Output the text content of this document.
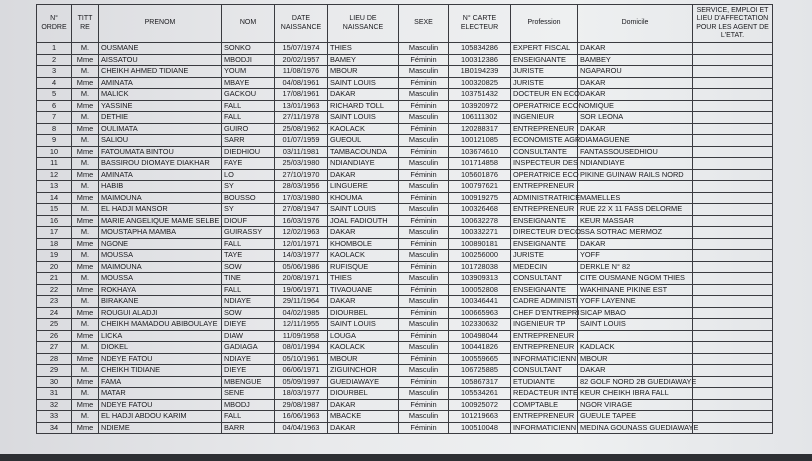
N° ORDRE	TITT RE	PRENOM	NOM	DATE NAISSANCE	LIEU DE NAISSANCE	SEXE	N° CARTE ELECTEUR	Profession	Domicile	SERVICE, EMPLOI ET LIEU D'AFFECTATION POUR LES AGENT DE L'ETAT.
1	M.	OUSMANE	SONKO	15/07/1974	THIES	Masculin	105834286	EXPERT FISCAL	DAKAR	
2	Mme	AISSATOU	MBODJI	20/02/1957	BAMEY	Féminin	100312386	ENSEIGNANTE	BAMBEY	
3	M.	CHEIKH AHMED TIDIANE	YOUM	11/08/1976	MBOUR	Masculin	1B0194239	JURISTE	NGAPAROU	
4	Mme	AMINATA	MBAYE	04/08/1961	SAINT LOUIS	Féminin	100320825	JURISTE	DAKAR	
5	M.	MALICK	GACKOU	17/08/1961	DAKAR	Masculin	103751432	DOCTEUR EN ECO	DAKAR	
6	Mme	YASSINE	FALL	13/01/1963	RICHARD TOLL	Féminin	103920972	OPERATRICE ECONOMIQUE		
7	M.	DETHIE	FALL	27/11/1978	SAINT LOUIS	Masculin	106111302	INGENIEUR	SOR LEONA	
8	Mme	OULIMATA	GUIRO	25/08/1962	KAOLACK	Féminin	120288317	ENTREPRENEUR	DAKAR	
9	M.	SALIOU	SARR	01/07/1959	GUEOUL	Masculin	100121085	ECONOMISTE AGR	DIAMAGUENE	
10	Mme	FATOUMATA BINTOU	DIEDHIOU	03/11/1981	TAMBACOUNDA	Féminin	103674610	CONSULTANTE	FANTASSOUSEDHIOU	
11	M.	BASSIROU DIOMAYE DIAKHAR	FAYE	25/03/1980	NDIANDIAYE	Masculin	101714858	INSPECTEUR DES	NDIANDIAYE	
12	Mme	AMINATA	LO	27/10/1970	DAKAR	Féminin	105601876	OPERATRICE ECO	PIKINE GUINAW RAILS NORD	
13	M.	HABIB	SY	28/03/1956	LINGUERE	Masculin	100797621	ENTREPRENEUR		
14	Mme	MAIMOUNA	BOUSSO	17/03/1980	KHOUMA	Féminin	100919275	ADMINISTRATRICE	MAMELLES	
15	M.	EL HADJI MANSOR	SY	27/08/1947	SAINT LOUIS	Masculin	100326468	ENTREPRENEUR	RUE 22 X 11 FASS DELORME	
16	Mme	MARIE ANGELIQUE MAME SELBE	DIOUF	16/03/1976	JOAL FADIOUTH	Féminin	100632278	ENSEIGNANTE	KEUR MASSAR	
17	M.	MOUSTAPHA MAMBA	GUIRASSY	12/02/1963	DAKAR	Masculin	100332271	DIRECTEUR D'ECO	SSA SOTRAC MERMOZ	
18	Mme	NGONE	FALL	12/01/1971	KHOMBOLE	Féminin	100890181	ENSEIGNANTE	DAKAR	
19	M.	MOUSSA	TAYE	14/03/1977	KAOLACK	Masculin	100256000	JURISTE	YOFF	
20	Mme	MAIMOUNA	SOW	05/06/1986	RUFISQUE	Féminin	101728038	MEDECIN	DERKLE N° 82	
21	M.	MOUSSA	TINE	20/08/1971	THIES	Masculin	103909313	CONSULTANT	CITE OUSMANE NGOM THIES	
22	Mme	ROKHAYA	FALL	19/06/1971	TIVAOUANE	Féminin	100052808	ENSEIGNANTE	WAKHINANE PIKINE EST	
23	M.	BIRAKANE	NDIAYE	29/11/1964	DAKAR	Masculin	100346441	CADRE ADMINISTI	YOFF LAYENNE	
24	Mme	ROUGUI ALADJI	SOW	04/02/1985	DIOURBEL	Féminin	100665963	CHEF D'ENTREPRI	SICAP MBAO	
25	M.	CHEIKH MAMADOU ABIBOULAYE	DIEYE	12/11/1955	SAINT LOUIS	Masculin	102330632	INGENIEUR TP	SAINT LOUIS	
26	Mme	LICKA	DIAW	11/09/1958	LOUGA	Féminin	100498044	ENTREPRENEUR		
27	M.	DIOKEL	GADIAGA	08/01/1994	KAOLACK	Masculin	100441826	ENTREPRENEUR	KADLACK	
28	Mme	NDEYE FATOU	NDIAYE	05/10/1961	MBOUR	Féminin	100559665	INFORMATICIENN	MBOUR	
29	M.	CHEIKH TIDIANE	DIEYE	06/06/1971	ZIGUINCHOR	Masculin	106725885	CONSULTANT	DAKAR	
30	Mme	FAMA	MBENGUE	05/09/1997	GUEDIAWAYE	Féminin	105867317	ETUDIANTE	82 GOLF NORD 2B GUEDIAWAYE	
31	M.	MATAR	SENE	18/03/1977	DIOURBEL	Masculin	105534261	REDACTEUR INTE	KEUR CHEIKH IBRA FALL	
32	Mme	NDEYE FATOU	MBODJ	29/08/1987	DAKAR	Féminin	100925072	COMPTABLE	NGOR VIRAGE	
33	M.	EL HADJI ABDOU KARIM	FALL	16/06/1963	MBACKE	Masculin	101219663	ENTREPRENEUR	GUEULE TAPEE	
34	Mme	NDIEME	BARR	04/04/1963	DAKAR	Féminin	100510048	INFORMATICIENN	MEDINA GOUNASS GUEDIAWAYE	
